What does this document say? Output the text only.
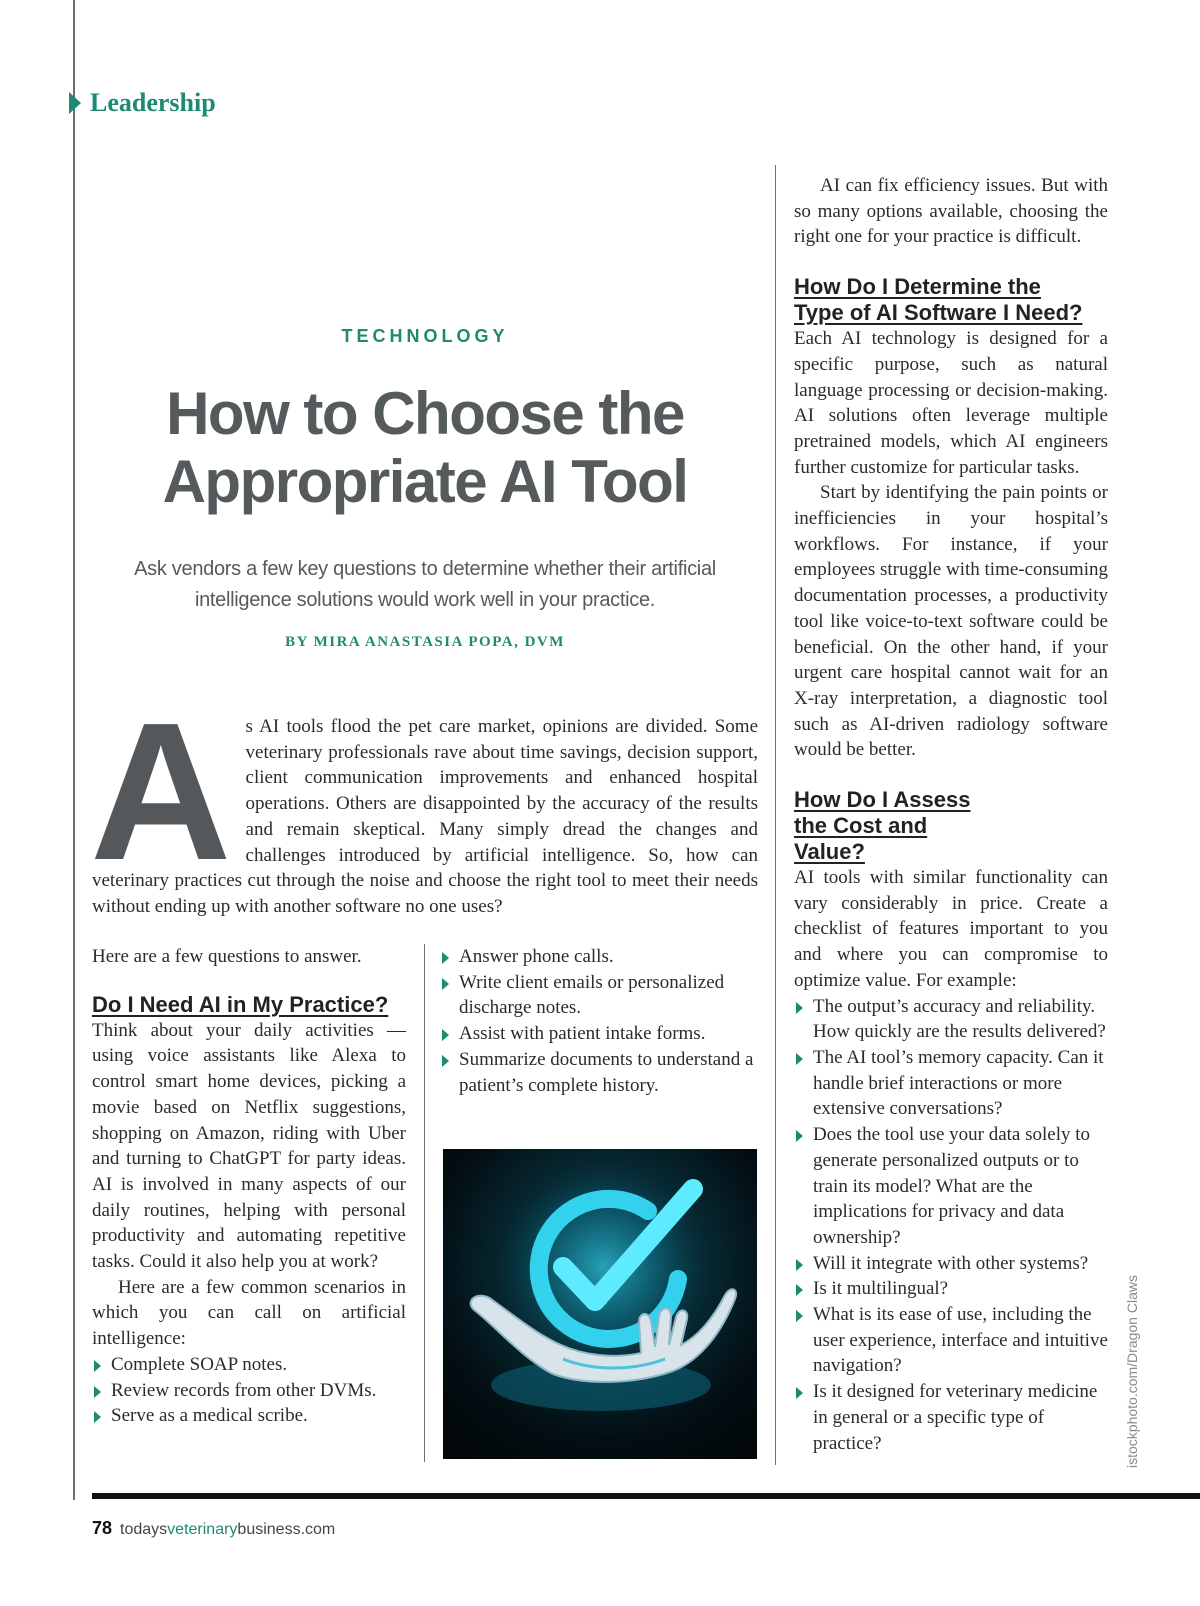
Leadership
TECHNOLOGY
How to Choose the Appropriate AI Tool
Ask vendors a few key questions to determine whether their artificial intelligence solutions would work well in your practice.
BY MIRA ANASTASIA POPA, DVM
A s AI tools flood the pet care market, opinions are divided. Some veterinary professionals rave about time savings, decision support, client communication improvements and enhanced hospital operations. Others are disappointed by the accuracy of the results and remain skeptical. Many simply dread the changes and challenges introduced by artificial intelligence. So, how can veterinary practices cut through the noise and choose the right tool to meet their needs without ending up with another software no one uses?

Here are a few questions to answer.

Do I Need AI in My Practice?

Think about your daily activities — using voice assistants like Alexa to control smart home devices, picking a movie based on Netflix suggestions, shopping on Amazon, riding with Uber and turning to ChatGPT for party ideas. AI is involved in many aspects of our daily routines, helping with personal productivity and automating repetitive tasks. Could it also help you at work?

Here are a few common scenarios in which you can call on artificial intelligence:

Complete SOAP notes.
Review records from other DVMs.
Serve as a medical scribe.
Answer phone calls.
Write client emails or personalized discharge notes.
Assist with patient intake forms.
Summarize documents to understand a patient’s complete history.

AI can fix efficiency issues. But with so many options available, choosing the right one for your practice is difficult.

How Do I Determine the Type of AI Software I Need?

Each AI technology is designed for a specific purpose, such as natural language processing or decision-making. AI solutions often leverage multiple pretrained models, which AI engineers further customize for particular tasks.

Start by identifying the pain points or inefficiencies in your hospital’s workflows. For instance, if your employees struggle with time-consuming documentation processes, a productivity tool like voice-to-text software could be beneficial. On the other hand, if your urgent care hospital cannot wait for an X-ray interpretation, a diagnostic tool such as AI-driven radiology software would be better.

How Do I Assess the Cost and Value?

AI tools with similar functionality can vary considerably in price. Create a checklist of features important to you and where you can compromise to optimize value. For example:

The output’s accuracy and reliability. How quickly are the results delivered?
The AI tool’s memory capacity. Can it handle brief interactions or more extensive conversations?
Does the tool use your data solely to generate personalized outputs or to train its model? What are the implications for privacy and data ownership?
Will it integrate with other systems?
Is it multilingual?
What is its ease of use, including the user experience, interface and intuitive navigation?
Is it designed for veterinary medicine in general or a specific type of practice?	istockphoto.com/Dragon Claws
78 todaysveterinarybusiness.com
